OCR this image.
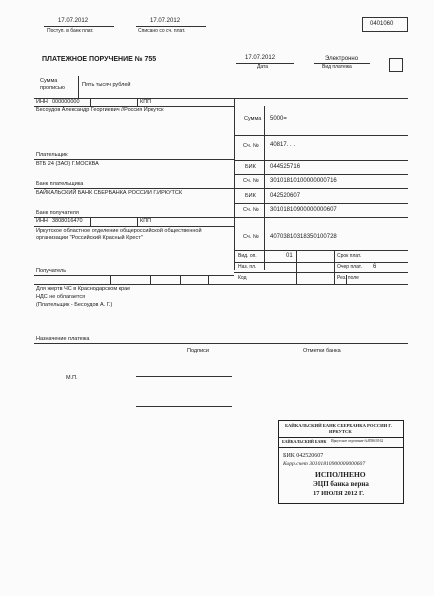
17.07.2012
Поступ. в банк плат.
17.07.2012
Списано со сч. плат.
0401060
ПЛАТЕЖНОЕ ПОРУЧЕНИЕ № 755	17.07.2012
Дата
Электронно
Вид платежа
Сумма
прописью	Пять тысяч рублей
ИНН 000000000	КПП
Бесоудов Александр Георгиевич //Россия Иркутск
Сумма 5000=
Плательщик
Сч. № 40817. . .
ВТБ 24 (ЗАО) Г.МОСКВА
Банк плательщика
БИК 044525716
Сч. № 30101810100000000716
БАЙКАЛЬСКИЙ БАНК СБЕРБАНКА РОССИИ Г.ИРКУТСК
Банк получателя
БИК 042520607
Сч. № 30101810900000000607
ИНН 3808016470	КПП
Иркутское областное отделение общероссийской общественной
организации "Российский Красный Крест"	Сч. № 40703810318350100728
Получатель
Вид. оп.	01	Срок плат.
Наз. пл.	Очер плат. 6
Код	Рез. поле
Для жертв ЧС в Краснодарском крае
НДС не облагается
(Плательщик - Бесоудов А. Г.)
Назначение платежа
Подписи	Отметки банка
М.П.
БАЙКАЛЬСКИЙ БАНК СБЕРБАНКА РОССИИ Г.
ИРКУТСК
БАЙКАЛЬСКИЙ БАНК Иркутское отделение №8586/0162
БИК 042520607
Корр.счет 30101810900000000607
ИСПОЛНЕНО
ЭЦП банка верна
17 ИЮЛЯ 2012 Г.
